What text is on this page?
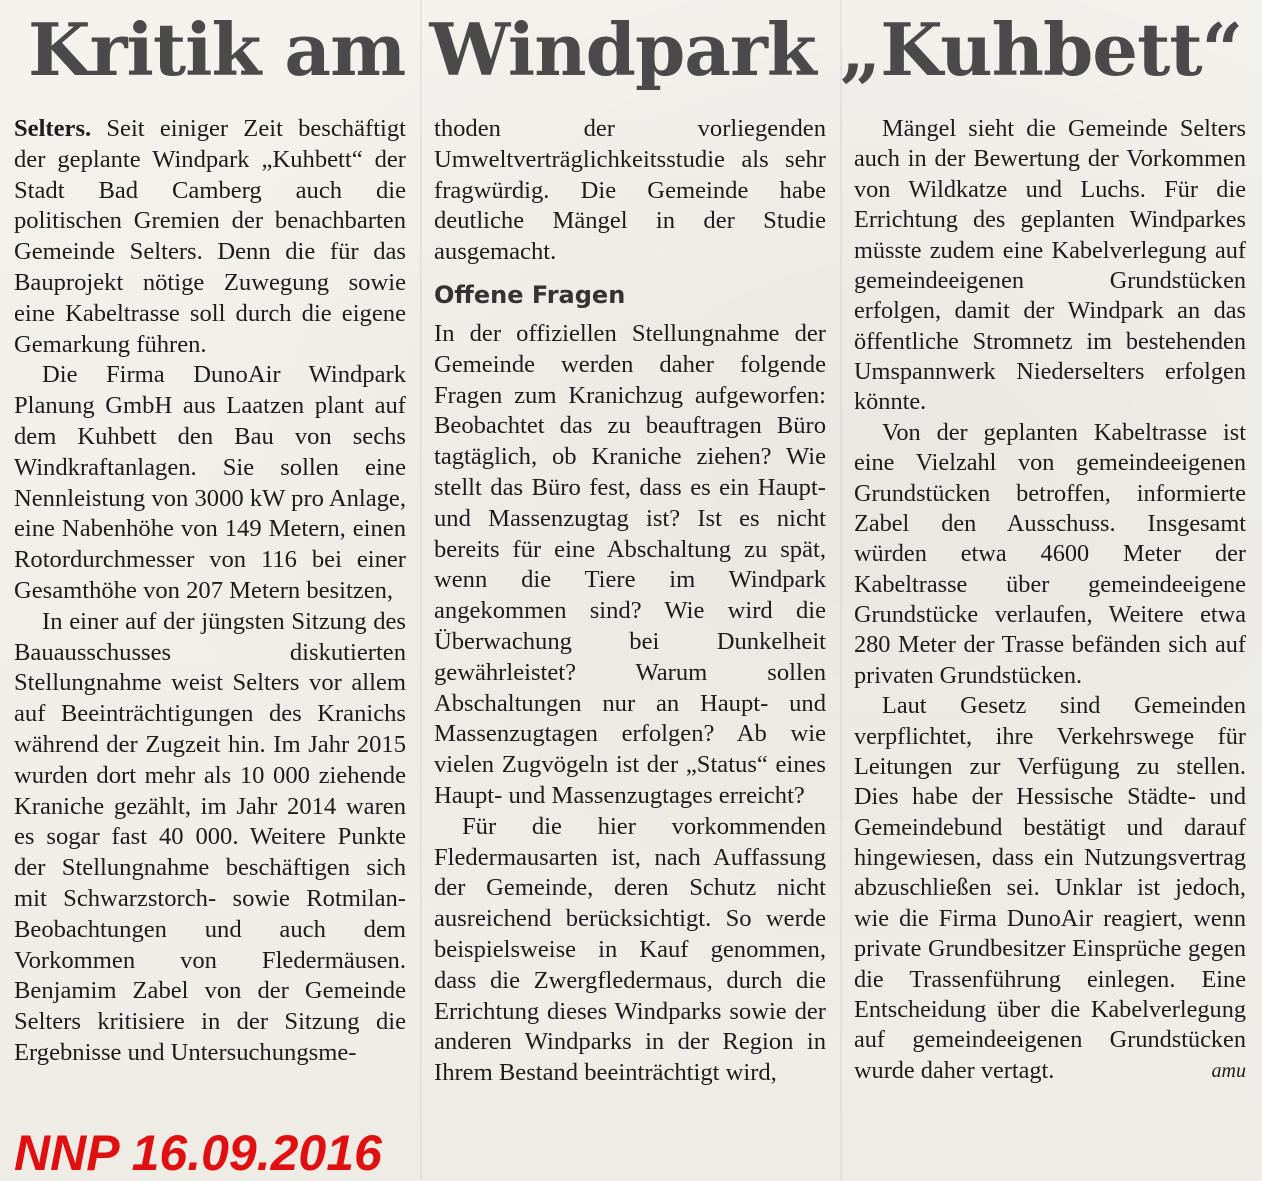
Kritik am Windpark „Kuhbett“

Selters. Seit einiger Zeit beschäftigt der geplante Windpark „Kuhbett“ der Stadt Bad Camberg auch die politischen Gremien der benachbarten Gemeinde Selters. Denn die für das Bauprojekt nötige Zuwegung sowie eine Kabeltrasse soll durch die eigene Gemarkung führen.

Die Firma DunoAir Windpark Planung GmbH aus Laatzen plant auf dem Kuhbett den Bau von sechs Windkraftanlagen. Sie sollen eine Nennleistung von 3000 kW pro Anlage, eine Nabenhöhe von 149 Metern, einen Rotordurchmesser von 116 bei einer Gesamthöhe von 207 Metern besitzen,

In einer auf der jüngsten Sitzung des Bauausschusses diskutierten Stellungnahme weist Selters vor allem auf Beeinträchtigungen des Kranichs während der Zugzeit hin. Im Jahr 2015 wurden dort mehr als 10 000 ziehende Kraniche gezählt, im Jahr 2014 waren es sogar fast 40 000. Weitere Punkte der Stellungnahme beschäftigen sich mit Schwarzstorch- sowie Rotmilan-Beobachtungen und auch dem Vorkommen von Fledermäusen. Benjamim Zabel von der Gemeinde Selters kritisiere in der Sitzung die Ergebnisse und Untersuchungsme-

thoden der vorliegenden Umweltverträglichkeitsstudie als sehr fragwürdig. Die Gemeinde habe deutliche Mängel in der Studie ausgemacht.

Offene Fragen

In der offiziellen Stellungnahme der Gemeinde werden daher folgende Fragen zum Kranichzug aufgeworfen: Beobachtet das zu beauftragen Büro tagtäglich, ob Kraniche ziehen? Wie stellt das Büro fest, dass es ein Haupt- und Massenzugtag ist? Ist es nicht bereits für eine Abschaltung zu spät, wenn die Tiere im Windpark angekommen sind? Wie wird die Überwachung bei Dunkelheit gewährleistet? Warum sollen Abschaltungen nur an Haupt- und Massenzugtagen erfolgen? Ab wie vielen Zugvögeln ist der „Status“ eines Haupt- und Massenzugtages erreicht?

Für die hier vorkommenden Fledermausarten ist, nach Auffassung der Gemeinde, deren Schutz nicht ausreichend berücksichtigt. So werde beispielsweise in Kauf genommen, dass die Zwergfledermaus, durch die Errichtung dieses Windparks sowie der anderen Windparks in der Region in Ihrem Bestand beeinträchtigt wird,

Mängel sieht die Gemeinde Selters auch in der Bewertung der Vorkommen von Wildkatze und Luchs. Für die Errichtung des geplanten Windparkes müsste zudem eine Kabelverlegung auf gemeindeeigenen Grundstücken erfolgen, damit der Windpark an das öffentliche Stromnetz im bestehenden Umspannwerk Niederselters erfolgen könnte.

Von der geplanten Kabeltrasse ist eine Vielzahl von gemeindeeigenen Grundstücken betroffen, informierte Zabel den Ausschuss. Insgesamt würden etwa 4600 Meter der Kabeltrasse über gemeindeeigene Grundstücke verlaufen, Weitere etwa 280 Meter der Trasse befänden sich auf privaten Grundstücken.

Laut Gesetz sind Gemeinden verpflichtet, ihre Verkehrswege für Leitungen zur Verfügung zu stellen. Dies habe der Hessische Städte- und Gemeindebund bestätigt und darauf hingewiesen, dass ein Nutzungsvertrag abzuschließen sei. Unklar ist jedoch, wie die Firma DunoAir reagiert, wenn private Grundbesitzer Einsprüche gegen die Trassenführung einlegen. Eine Entscheidung über die Kabelverlegung auf gemeindeeigenen Grundstücken wurde daher vertagt.	amu

NNP 16.09.2016
